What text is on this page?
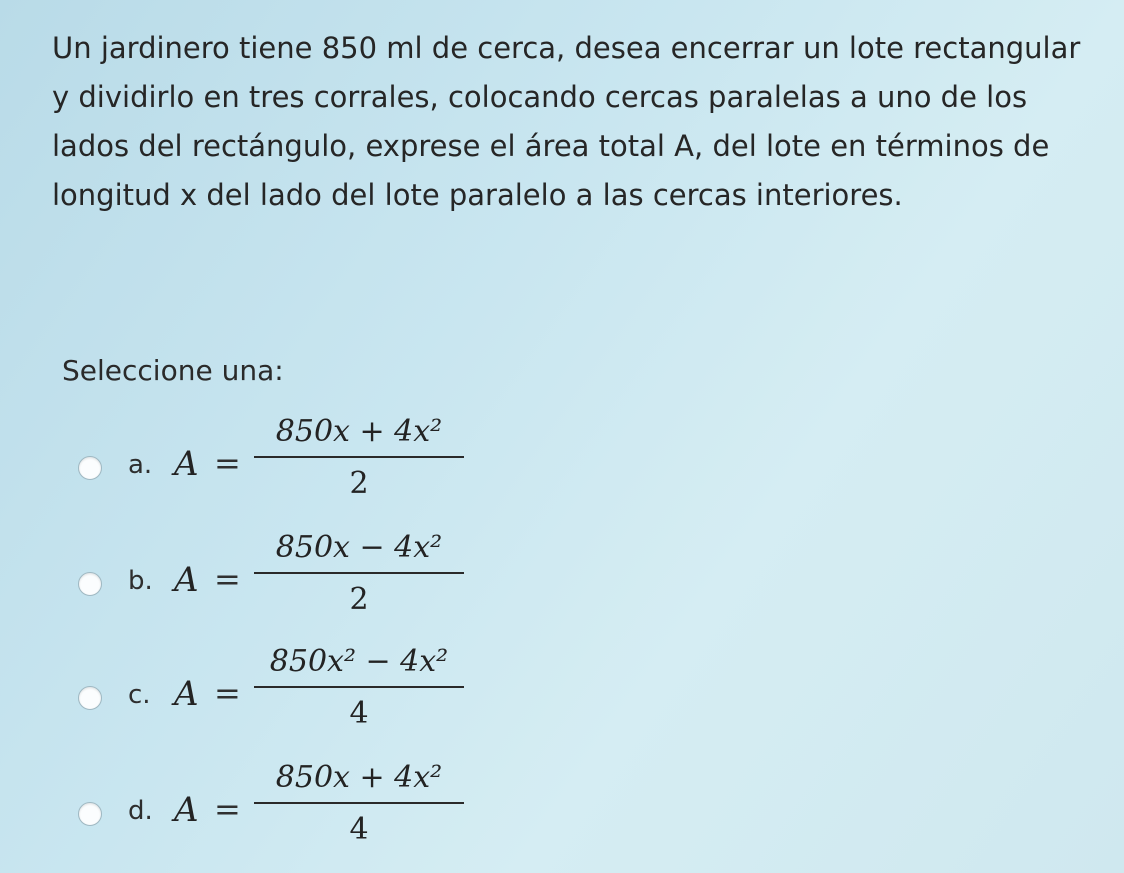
Un jardinero tiene 850 ml de cerca, desea encerrar un lote rectangular y dividirlo en tres corrales, colocando cercas paralelas a uno de los lados del rectángulo, exprese el área total A, del lote en términos de longitud x del lado del lote paralelo a las cercas interiores.
Seleccione una:
a. A =
850x + 4x²
2
b. A =
850x − 4x²
2
c. A =
850x² − 4x²
4
d. A =
850x + 4x²
4
